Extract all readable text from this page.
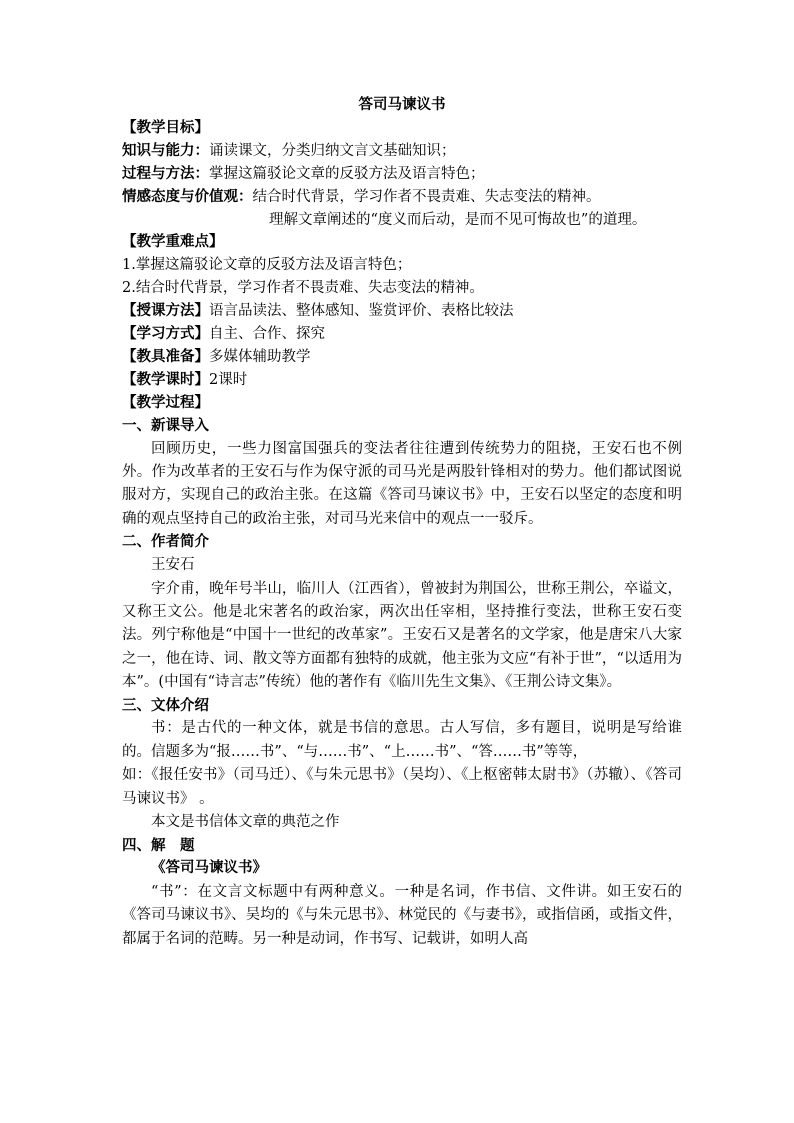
答司马谏议书

【教学目标】

知识与能力：诵读课文，分类归纳文言文基础知识；

过程与方法：掌握这篇驳论文章的反驳方法及语言特色；

情感态度与价值观：结合时代背景，学习作者不畏责难、失志变法的精神。

理解文章阐述的“度义而后动，是而不见可悔故也”的道理。

【教学重难点】

1.掌握这篇驳论文章的反驳方法及语言特色；

2.结合时代背景，学习作者不畏责难、失志变法的精神。

【授课方法】语言品读法、整体感知、鉴赏评价、表格比较法

【学习方式】自主、合作、探究

【教具准备】多媒体辅助教学

【教学课时】2课时

【教学过程】

一、新课导入

回顾历史，一些力图富国强兵的变法者往往遭到传统势力的阻挠，王安石也不例外。作为改革者的王安石与作为保守派的司马光是两股针锋相对的势力。他们都试图说服对方，实现自己的政治主张。在这篇《答司马谏议书》中，王安石以坚定的态度和明确的观点坚持自己的政治主张，对司马光来信中的观点一一驳斥。

二、作者简介

王安石

字介甫，晚年号半山，临川人（江西省），曾被封为荆国公，世称王荆公，卒谥文，又称王文公。他是北宋著名的政治家，两次出任宰相，坚持推行变法，世称王安石变法。列宁称他是“中国十一世纪的改革家”。王安石又是著名的文学家，他是唐宋八大家之一，他在诗、词、散文等方面都有独特的成就，他主张为文应“有补于世”，“以适用为本”。(中国有“诗言志”传统）他的著作有《临川先生文集》、《王荆公诗文集》。

三、文体介绍

书：是古代的一种文体，就是书信的意思。古人写信，多有题目，说明是写给谁的。信题多为“报……书”、“与……书”、“上……书”、“答……书”等等，

如：《报任安书》（司马迁）、《与朱元思书》（吴均）、《上枢密韩太尉书》（苏辙）、《答司马谏议书》 。

本文是书信体文章的典范之作

四、解　题

《答司马谏议书》

“书”：在文言文标题中有两种意义。一种是名词，作书信、文件讲。如王安石的《答司马谏议书》、吴均的《与朱元思书》、林觉民的《与妻书》，或指信函，或指文件，都属于名词的范畴。另一种是动词，作书写、记载讲，如明人高
